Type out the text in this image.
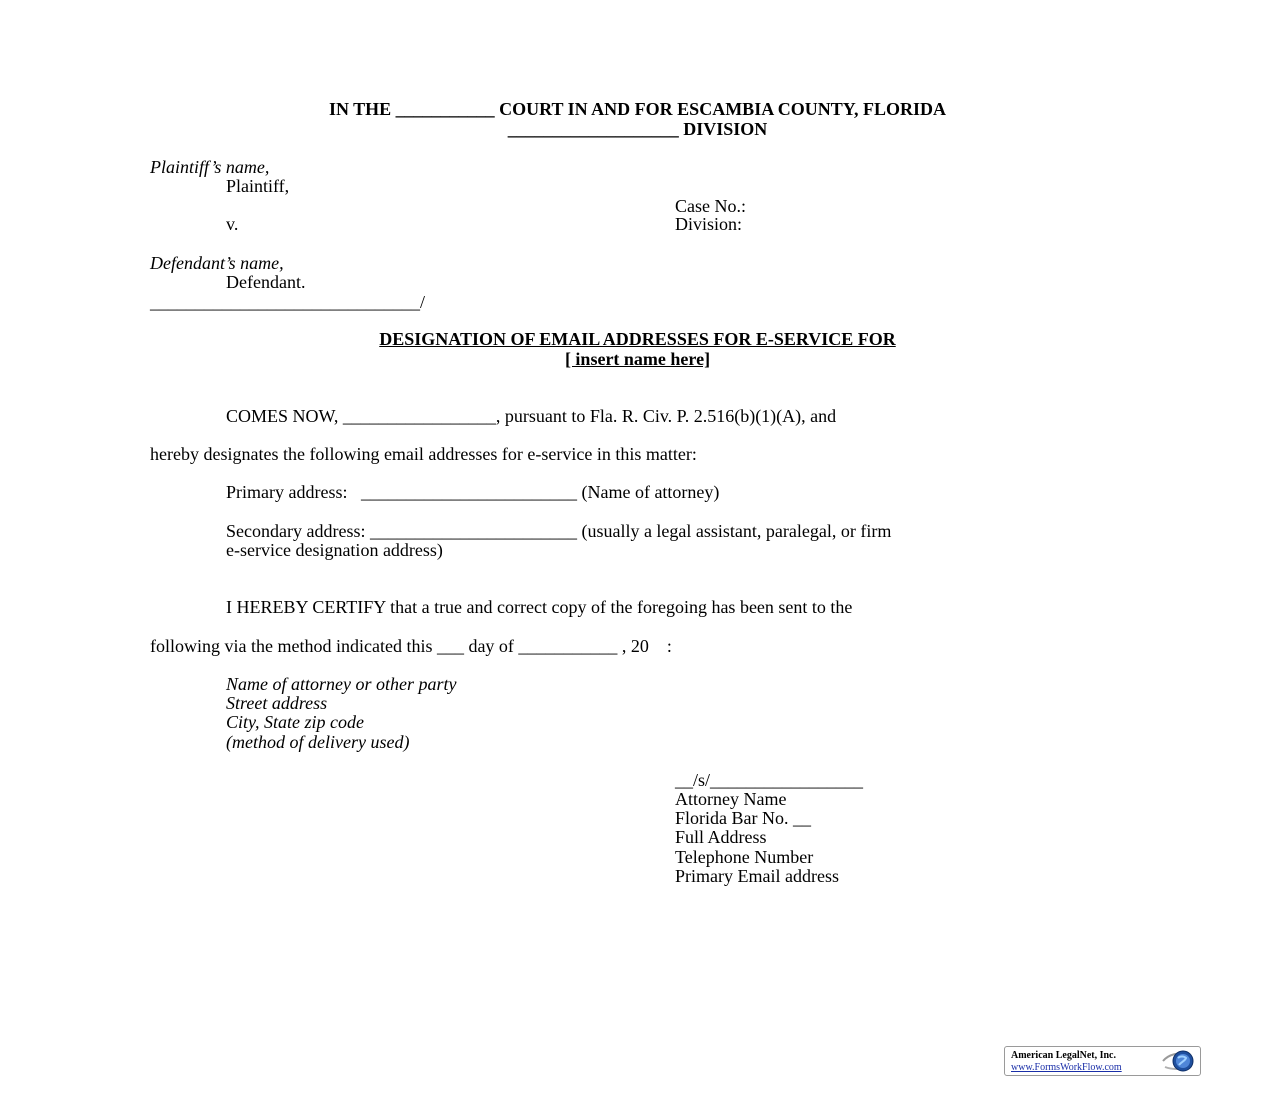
IN THE ___________ COURT IN AND FOR ESCAMBIA COUNTY, FLORIDA
___________________ DIVISION
Plaintiff’s name,
Plaintiff,
Case No.:
v.	Division:
Defendant’s name,
Defendant.
______________________________/
DESIGNATION OF EMAIL ADDRESSES FOR E-SERVICE FOR
[ insert name here]
COMES NOW, _________________, pursuant to Fla. R. Civ. P. 2.516(b)(1)(A), and
hereby designates the following email addresses for e-service in this matter:
Primary address:   ________________________ (Name of attorney)
Secondary address: _______________________ (usually a legal assistant, paralegal, or firm
e-service designation address)
I HEREBY CERTIFY that a true and correct copy of the foregoing has been sent to the
following via the method indicated this ___ day of ___________ , 20    :
Name of attorney or other party
Street address
City, State zip code
(method of delivery used)
__/s/_________________
Attorney Name
Florida Bar No. __
Full Address
Telephone Number
Primary Email address
American LegalNet, Inc.
www.FormsWorkFlow.com
